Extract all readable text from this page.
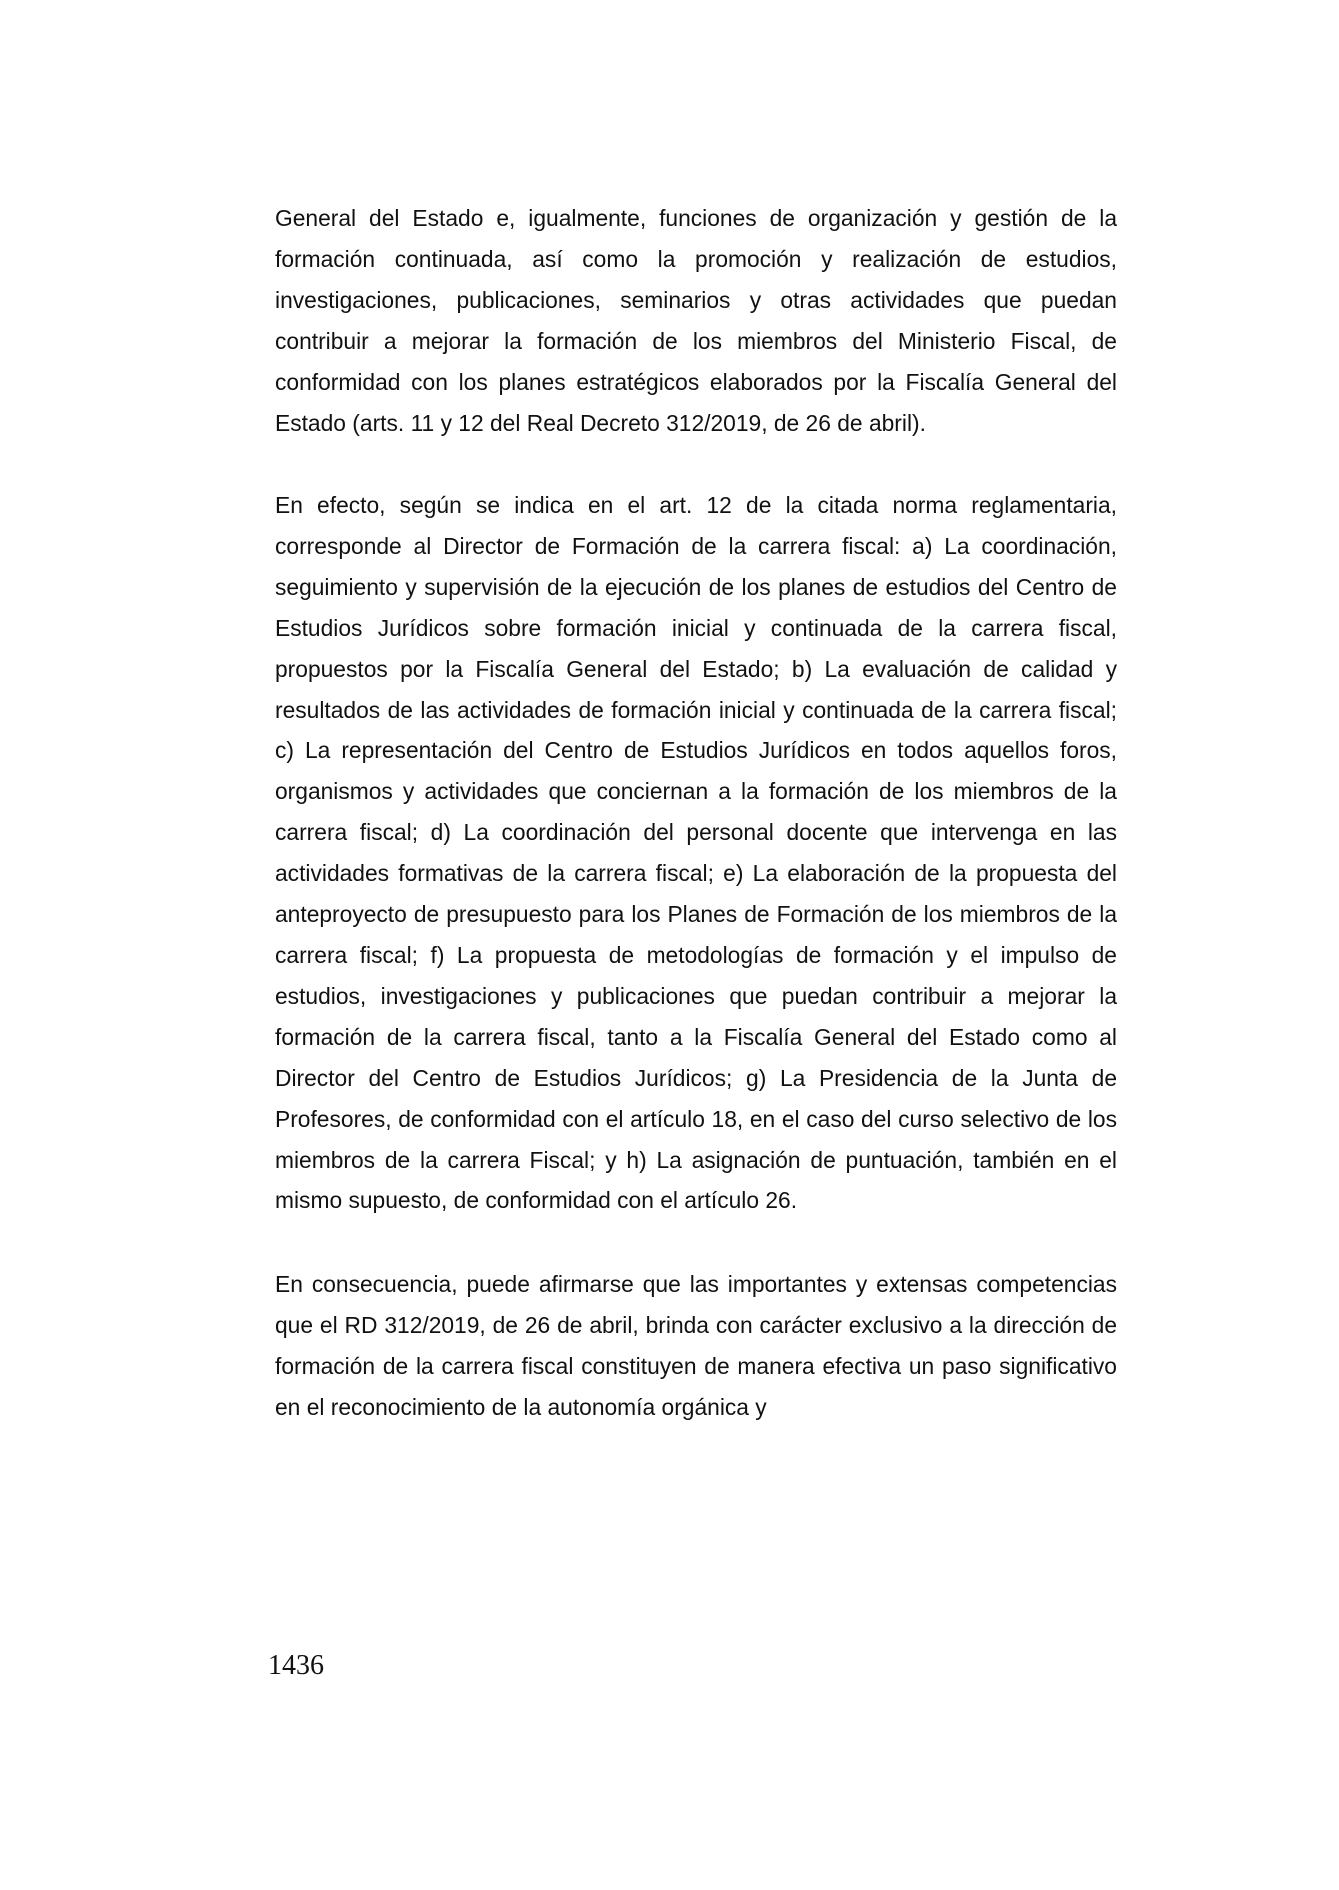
General del Estado e, igualmente, funciones de organización y gestión de la formación continuada, así como la promoción y realización de estudios, investigaciones, publicaciones, seminarios y otras actividades que puedan contribuir a mejorar la formación de los miembros del Ministerio Fiscal, de conformidad con los planes estratégicos elaborados por la Fiscalía General del Estado (arts. 11 y 12 del Real Decreto 312/2019, de 26 de abril).

En efecto, según se indica en el art. 12 de la citada norma reglamentaria, corresponde al Director de Formación de la carrera fiscal: a) La coordinación, seguimiento y supervisión de la ejecución de los planes de estudios del Centro de Estudios Jurídicos sobre formación inicial y continuada de la carrera fiscal, propuestos por la Fiscalía General del Estado; b) La evaluación de calidad y resultados de las actividades de formación inicial y continuada de la carrera fiscal; c) La representación del Centro de Estudios Jurídicos en todos aquellos foros, organismos y actividades que conciernan a la formación de los miembros de la carrera fiscal; d) La coordinación del personal docente que intervenga en las actividades formativas de la carrera fiscal; e) La elaboración de la propuesta del anteproyecto de presupuesto para los Planes de Formación de los miembros de la carrera fiscal; f) La propuesta de metodologías de formación y el impulso de estudios, investigaciones y publicaciones que puedan contribuir a mejorar la formación de la carrera fiscal, tanto a la Fiscalía General del Estado como al Director del Centro de Estudios Jurídicos; g) La Presidencia de la Junta de Profesores, de conformidad con el artículo 18, en el caso del curso selectivo de los miembros de la carrera Fiscal; y h) La asignación de puntuación, también en el mismo supuesto, de conformidad con el artículo 26.

En consecuencia, puede afirmarse que las importantes y extensas competencias que el RD 312/2019, de 26 de abril, brinda con carácter exclusivo a la dirección de formación de la carrera fiscal constituyen de manera efectiva un paso significativo en el reconocimiento de la autonomía orgánica y

1436
